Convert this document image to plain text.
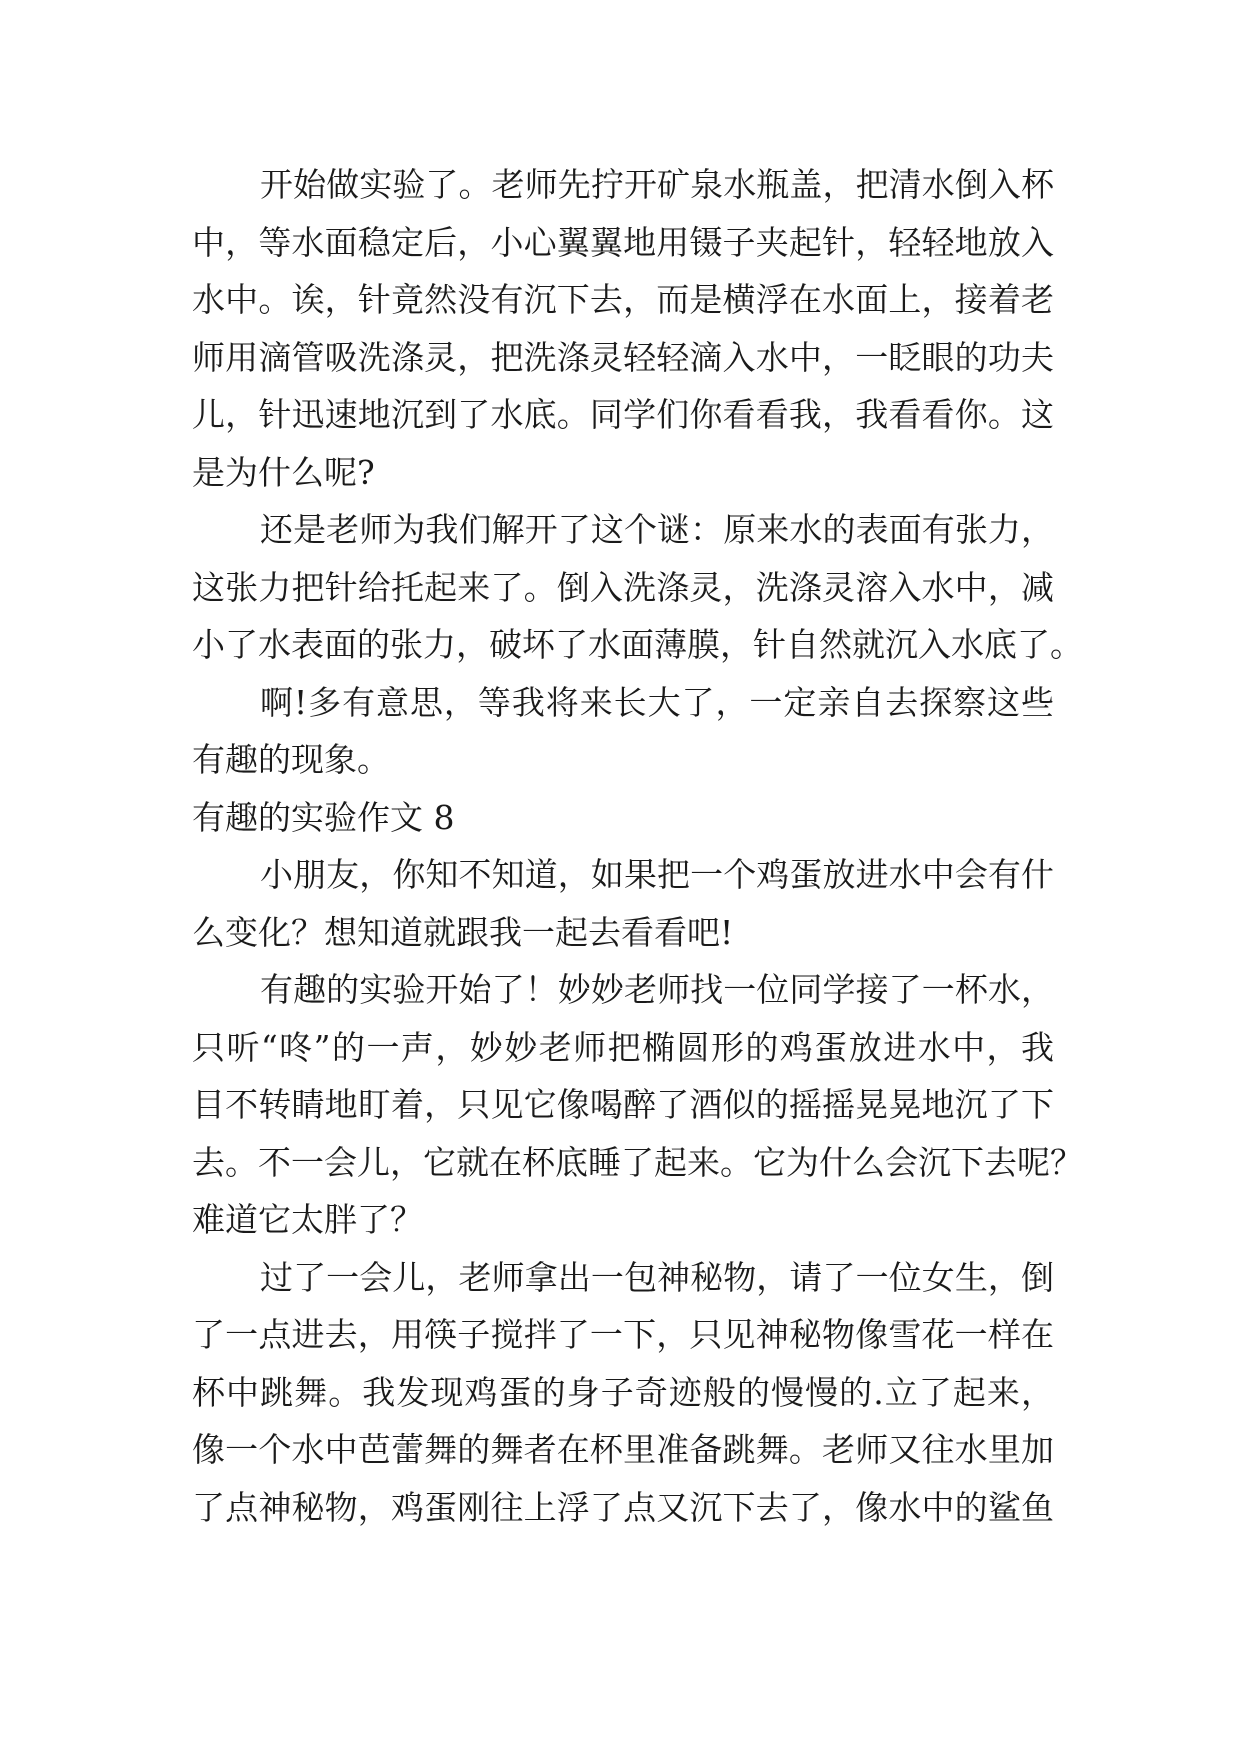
开始做实验了。老师先拧开矿泉水瓶盖，把清水倒入杯
中，等水面稳定后，小心翼翼地用镊子夹起针，轻轻地放入
水中。诶，针竟然没有沉下去，而是横浮在水面上，接着老
师用滴管吸洗涤灵，把洗涤灵轻轻滴入水中，一眨眼的功夫
儿，针迅速地沉到了水底。同学们你看看我，我看看你。这
是为什么呢?
还是老师为我们解开了这个谜：原来水的表面有张力，
这张力把针给托起来了。倒入洗涤灵，洗涤灵溶入水中，减
小了水表面的张力，破坏了水面薄膜，针自然就沉入水底了。
啊!多有意思，等我将来长大了，一定亲自去探察这些
有趣的现象。
有趣的实验作文 8
小朋友，你知不知道，如果把一个鸡蛋放进水中会有什
么变化？想知道就跟我一起去看看吧!
有趣的实验开始了！妙妙老师找一位同学接了一杯水，
只听“咚”的一声，妙妙老师把椭圆形的鸡蛋放进水中，我
目不转睛地盯着，只见它像喝醉了酒似的摇摇晃晃地沉了下
去。不一会儿，它就在杯底睡了起来。它为什么会沉下去呢？
难道它太胖了？
过了一会儿，老师拿出一包神秘物，请了一位女生，倒
了一点进去，用筷子搅拌了一下，只见神秘物像雪花一样在
杯中跳舞。我发现鸡蛋的身子奇迹般的慢慢的.立了起来，
像一个水中芭蕾舞的舞者在杯里准备跳舞。老师又往水里加
了点神秘物，鸡蛋刚往上浮了点又沉下去了，像水中的鲨鱼
